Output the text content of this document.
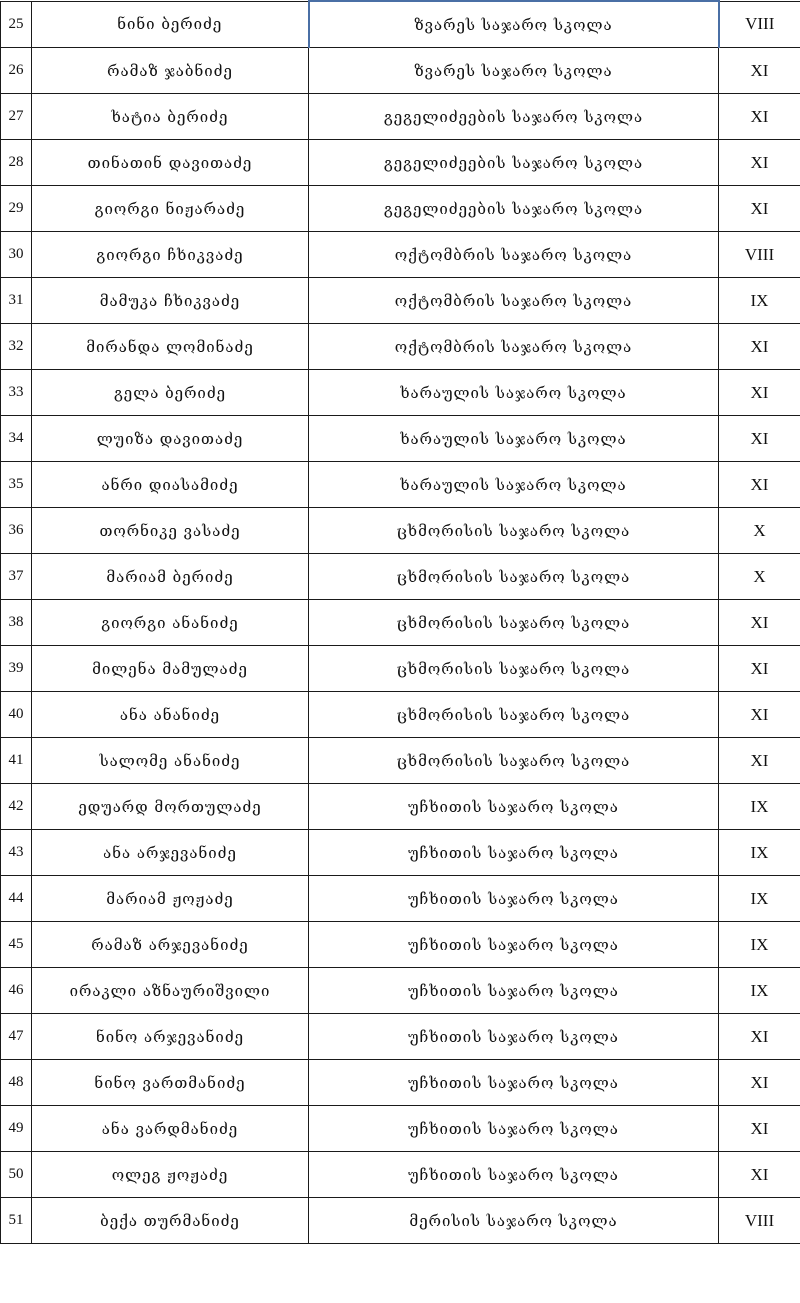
25	ნინი ბერიძე	ზვარეს საჯარო სკოლა	VIII
26	რამაზ ჯაბნიძე	ზვარეს საჯარო სკოლა	XI
27	ხატია ბერიძე	გეგელიძეების საჯარო სკოლა	XI
28	თინათინ დავითაძე	გეგელიძეების საჯარო სკოლა	XI
29	გიორგი ნიჟარაძე	გეგელიძეების საჯარო სკოლა	XI
30	გიორგი ჩხიკვაძე	ოქტომბრის საჯარო სკოლა	VIII
31	მამუკა ჩხიკვაძე	ოქტომბრის საჯარო სკოლა	IX
32	მირანდა ლომინაძე	ოქტომბრის საჯარო სკოლა	XI
33	გელა ბერიძე	ხარაულის საჯარო სკოლა	XI
34	ლუიზა დავითაძე	ხარაულის საჯარო სკოლა	XI
35	ანრი დიასამიძე	ხარაულის საჯარო სკოლა	XI
36	თორნიკე ვასაძე	ცხმორისის საჯარო სკოლა	X
37	მარიამ ბერიძე	ცხმორისის საჯარო სკოლა	X
38	გიორგი ანანიძე	ცხმორისის საჯარო სკოლა	XI
39	მილენა მამულაძე	ცხმორისის საჯარო სკოლა	XI
40	ანა ანანიძე	ცხმორისის საჯარო სკოლა	XI
41	სალომე ანანიძე	ცხმორისის საჯარო სკოლა	XI
42	ედუარდ მორთულაძე	უჩხითის საჯარო სკოლა	IX
43	ანა არჯევანიძე	უჩხითის საჯარო სკოლა	IX
44	მარიამ ჟოჟაძე	უჩხითის საჯარო სკოლა	IX
45	რამაზ არჯევანიძე	უჩხითის საჯარო სკოლა	IX
46	ირაკლი აზნაურიშვილი	უჩხითის საჯარო სკოლა	IX
47	ნინო არჯევანიძე	უჩხითის საჯარო სკოლა	XI
48	ნინო ვართმანიძე	უჩხითის საჯარო სკოლა	XI
49	ანა ვარდმანიძე	უჩხითის საჯარო სკოლა	XI
50	ოლეგ ჟოჟაძე	უჩხითის საჯარო სკოლა	XI
51	ბექა თურმანიძე	მერისის საჯარო სკოლა	VIII
